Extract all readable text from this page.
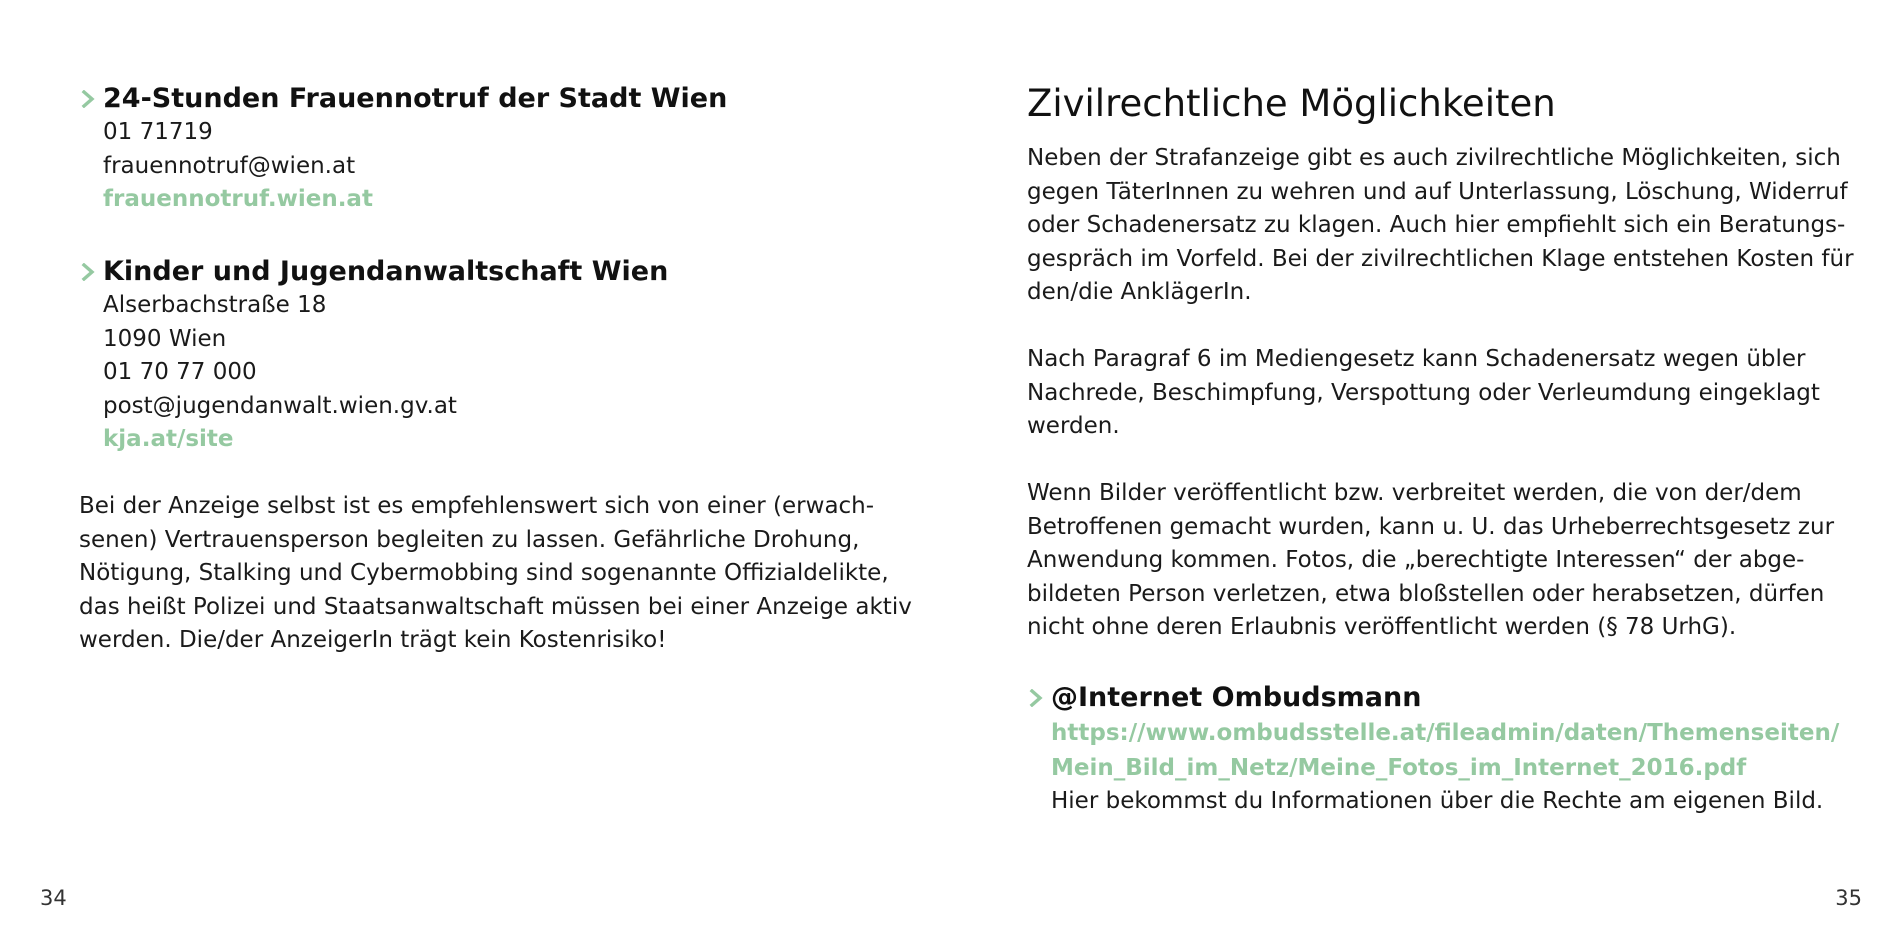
24-Stunden Frauennotruf der Stadt Wien
01 71719
frauennotruf@wien.at
frauennotruf.wien.at
Kinder und Jugendanwaltschaft Wien
Alserbachstraße 18
1090 Wien
01 70 77 000
post@jugendanwalt.wien.gv.at
kja.at/site

Bei der Anzeige selbst ist es empfehlenswert sich von einer (erwach-
senen) Vertrauensperson begleiten zu lassen. Gefährliche Drohung,
Nötigung, Stalking und Cybermobbing sind sogenannte Offizialdelikte,
das heißt Polizei und Staatsanwaltschaft müssen bei einer Anzeige aktiv
werden. Die/der AnzeigerIn trägt kein Kostenrisiko!

34
Zivilrechtliche Möglichkeiten

Neben der Strafanzeige gibt es auch zivilrechtliche Möglichkeiten, sich
gegen TäterInnen zu wehren und auf Unterlassung, Löschung, Widerruf
oder Schadenersatz zu klagen. Auch hier empfiehlt sich ein Beratungs-
gespräch im Vorfeld. Bei der zivilrechtlichen Klage entstehen Kosten für
den/die AnklägerIn.

Nach Paragraf 6 im Mediengesetz kann Schadenersatz wegen übler
Nachrede, Beschimpfung, Verspottung oder Verleumdung eingeklagt
werden.

Wenn Bilder veröffentlicht bzw. verbreitet werden, die von der/dem
Betroffenen gemacht wurden, kann u. U. das Urheberrechtsgesetz zur
Anwendung kommen. Fotos, die „berechtigte Interessen“ der abge-
bildeten Person verletzen, etwa bloßstellen oder herabsetzen, dürfen
nicht ohne deren Erlaubnis veröffentlicht werden (§ 78 UrhG).

@Internet Ombudsmann
https://www.ombudsstelle.at/fileadmin/daten/Themenseiten/
Mein_Bild_im_Netz/Meine_Fotos_im_Internet_2016.pdf
Hier bekommst du Informationen über die Rechte am eigenen Bild.
35
